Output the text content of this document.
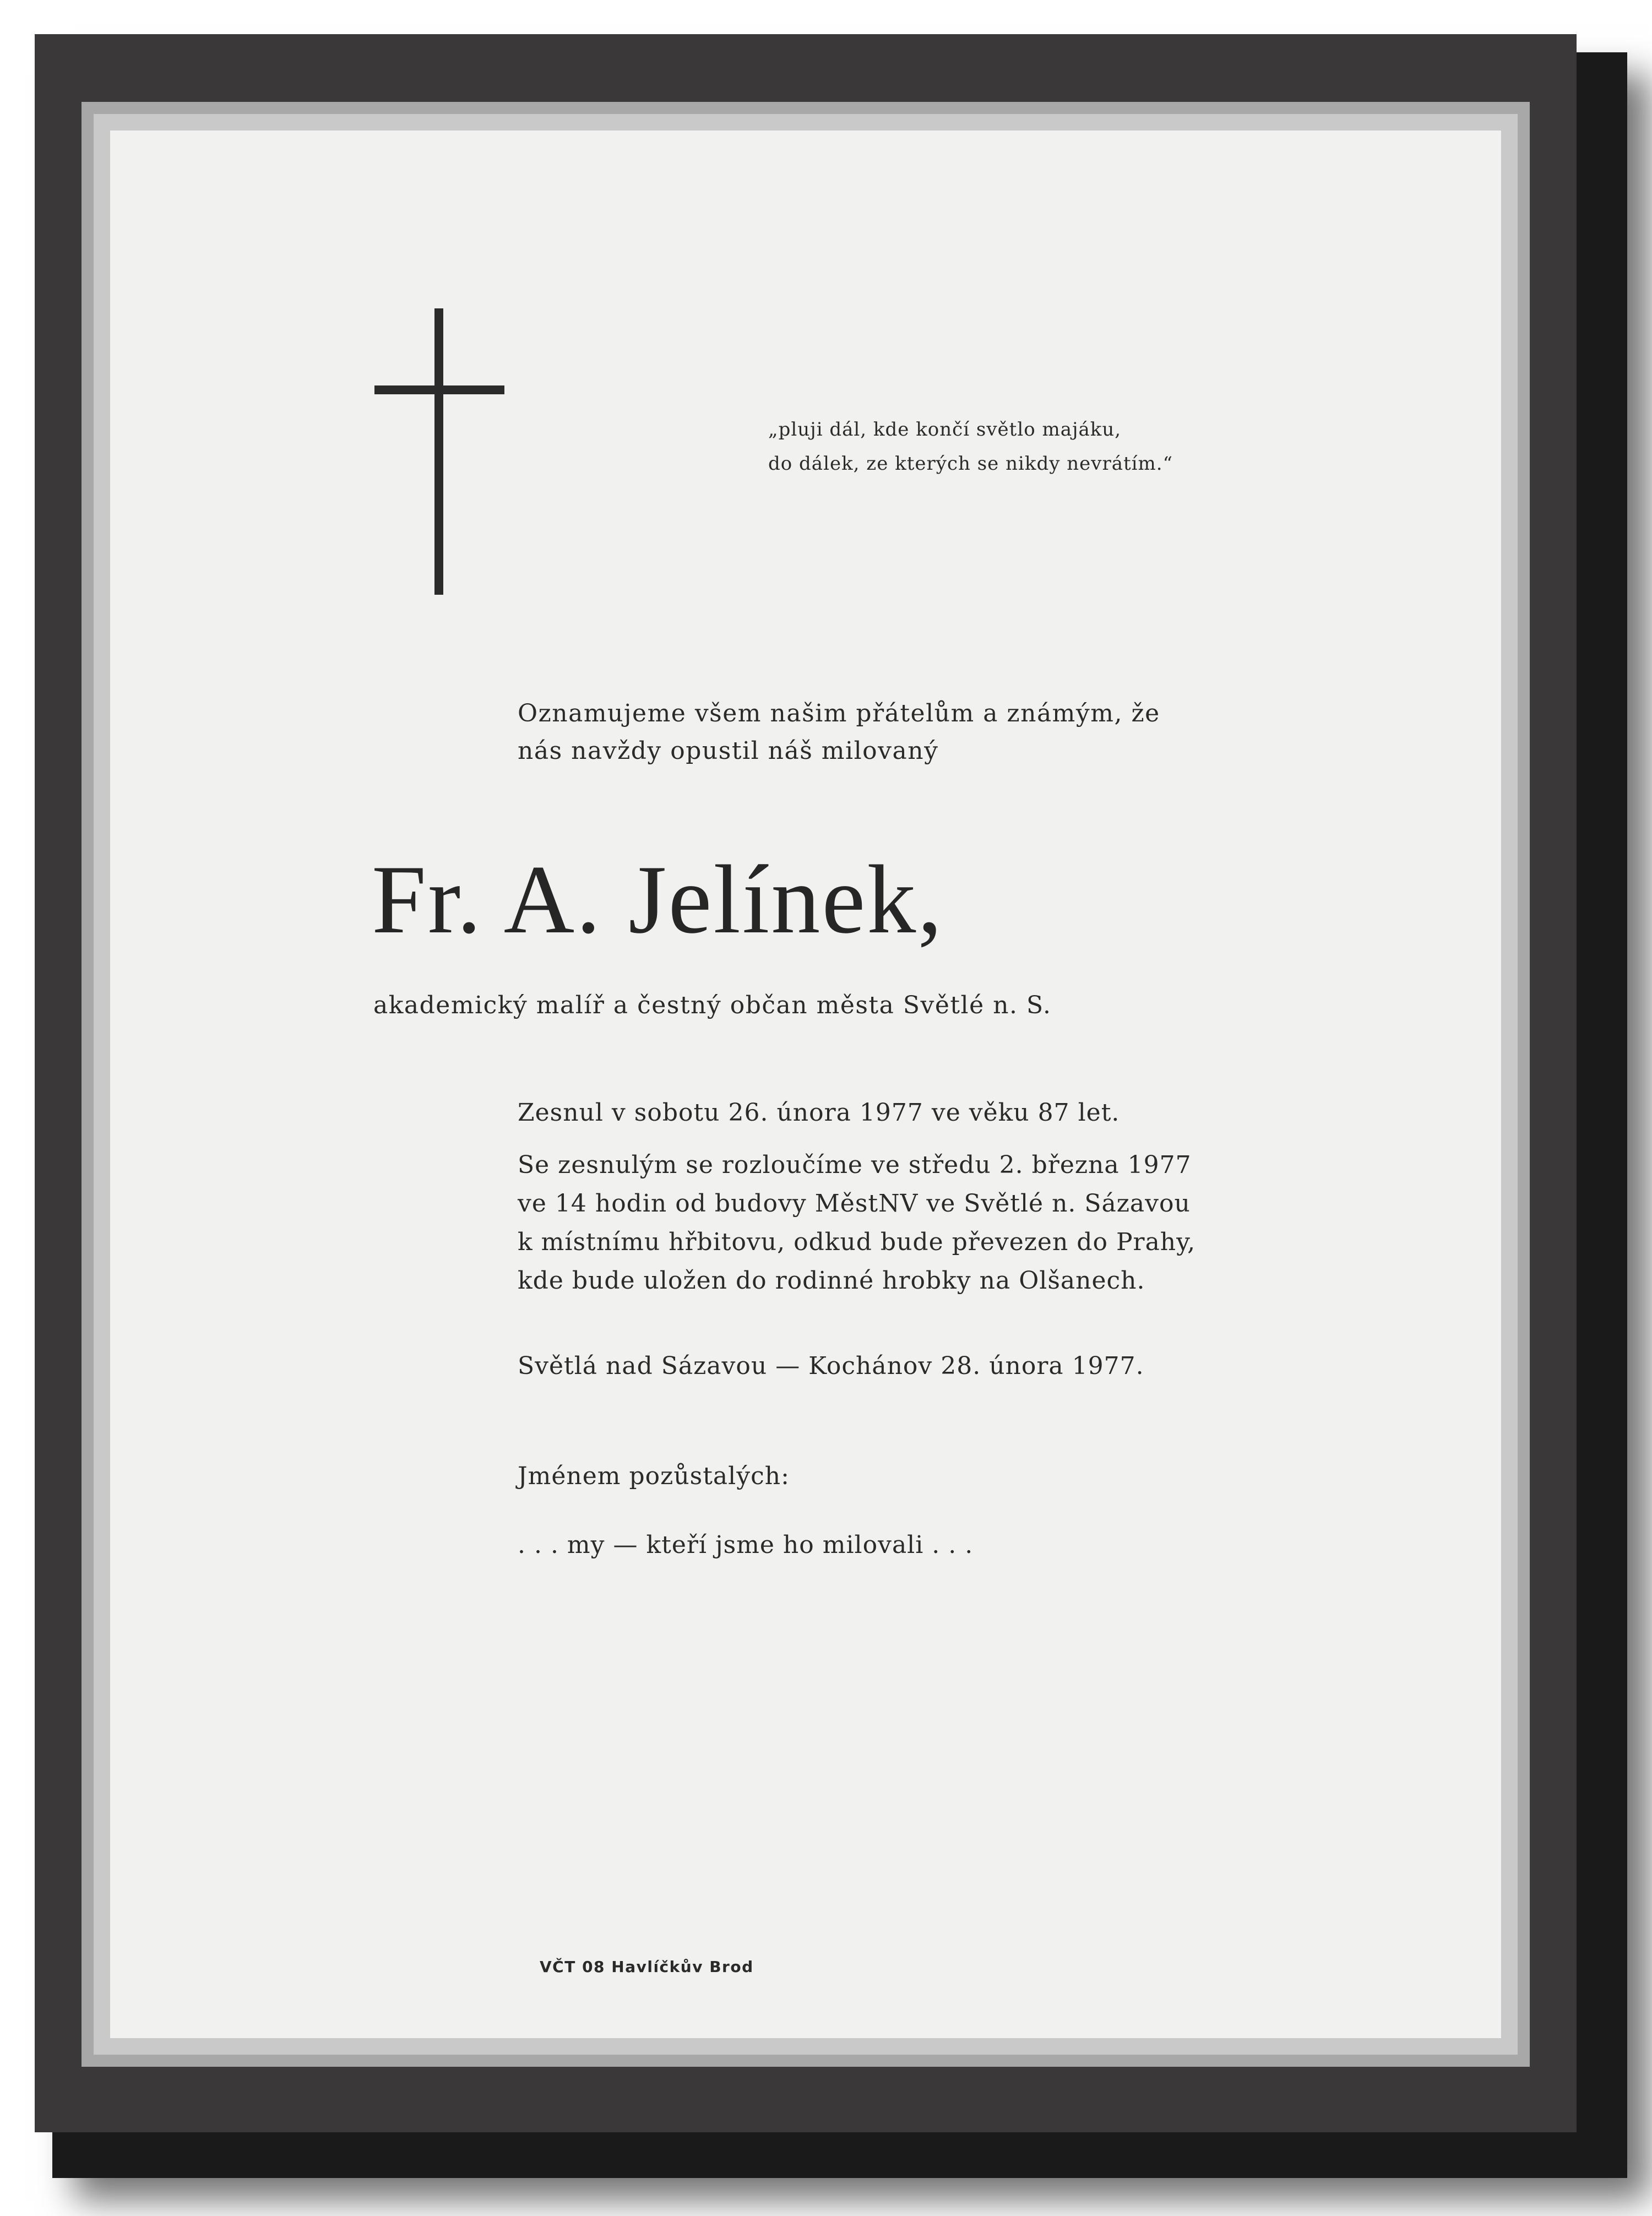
„pluji dál, kde končí světlo majáku,
do dálek, ze kterých se nikdy nevrátím.“
Oznamujeme všem našim přátelům a známým, že
nás navždy opustil náš milovaný
Fr. A. Jelínek,
akademický malíř a čestný občan města Světlé n. S.
Zesnul v sobotu 26. února 1977 ve věku 87 let.
Se zesnulým se rozloučíme ve středu 2. března 1977
ve 14 hodin od budovy MěstNV ve Světlé n. Sázavou
k místnímu hřbitovu, odkud bude převezen do Prahy,
kde bude uložen do rodinné hrobky na Olšanech.
Světlá nad Sázavou — Kochánov 28. února 1977.
Jménem pozůstalých:
. . . my — kteří jsme ho milovali . . .
VČT 08 Havlíčkův Brod
